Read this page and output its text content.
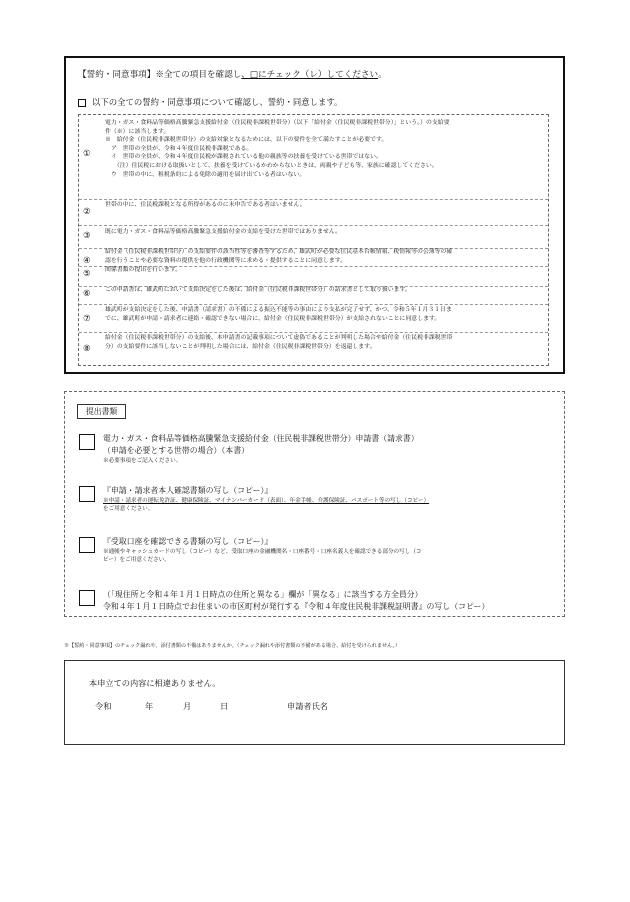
【誓約・同意事項】※全ての項目を確認し、□にチェック（レ）してください。
以下の全ての誓約・同意事項について確認し、誓約・同意します。
①
電力・ガス・食料品等価格高騰緊急支援給付金（住民税非課税世帯分）（以下「給付金（住民税非課税世帯分）」という。）の支給要
件（※）に該当します。
※　給付金（住民税非課税世帯分）の支給対象となるためには、以下の要件を全て満たすことが必要です。
　ア　世帯の全員が、令和４年度住民税非課税である。
　イ　世帯の全員が、令和４年度住民税が課税されている他の親族等の扶養を受けている世帯ではない。
　　（注）住民税における取扱いとして、扶養を受けているかわからないときは、両親や子ども等、家族に確認してください。
　ウ　世帯の中に、租税条約による免除の適用を届け出ている者はいない。
②
世帯の中に、住民税課税となる所得があるのに未申告である者はいません。
③ 既に電力・ガス・食料品等価格高騰緊急支援給付金の支給を受けた世帯ではありません。
④
給付金（住民税非課税世帯分）の支給要件の該当性等を審査等するため、雄武町が必要な住民基本台帳情報、税情報等の公簿等の確
認を行うことや必要な資料の提供を他の行政機関等に求める・提供することに同意します。
⑤ 関係書類の提出を行います。
⑥ この申請書は、雄武町において支給決定をした後は、給付金（住民税非課税世帯分）の請求書として取り扱います。
⑦
雄武町が支給決定をした後、申請書（請求書）の不備による振込不能等の事由により支払が完了せず、かつ、令和５年１月３１日ま
でに、雄武町が申請・請求者に連絡・確認できない場合に、給付金（住民税非課税世帯分）が支給されないことに同意します。
⑧
給付金（住民税非課税世帯分）の支給後、本申請書の記載事項について虚偽であることが判明した場合や給付金（住民税非課税世帯
分）の支給要件に該当しないことが判明した場合には、給付金（住民税非課税世帯分）を返還します。
提出書類
電力・ガス・食料品等価格高騰緊急支援給付金（住民税非課税世帯分）申請書（請求書）
（申請を必要とする世帯の場合）（本書）
※必要事項をご記入ください。
『申請・請求者本人確認書類の写し（コピー）』
※申請・請求者の運転免許証、健康保険証、マイナンバーカード（表面）、年金手帳、介護保険証、パスポート等の写し（コピー）
をご用意ください。
『受取口座を確認できる書類の写し（コピー）』
※通帳やキャッシュカードの写し（コピー）など、受取口座の金融機関名・口座番号・口座名義人を確認できる部分の写し（コ
ピー）をご用意ください。
（「現住所と令和４年１月１日時点の住所と異なる」欄が「異なる」に該当する方全員分）
令和４年１月１日時点でお住まいの市区町村が発行する『令和４年度住民税非課税証明書』の写し（コピー）
※【誓約・同意事項】のチェック漏れや、添付書類の不備はありませんか。（チェック漏れや添付書類の不備がある場合、給付を受けられません。）
本申立ての内容に相違ありません。
令和	年	月	日	申請者氏名
